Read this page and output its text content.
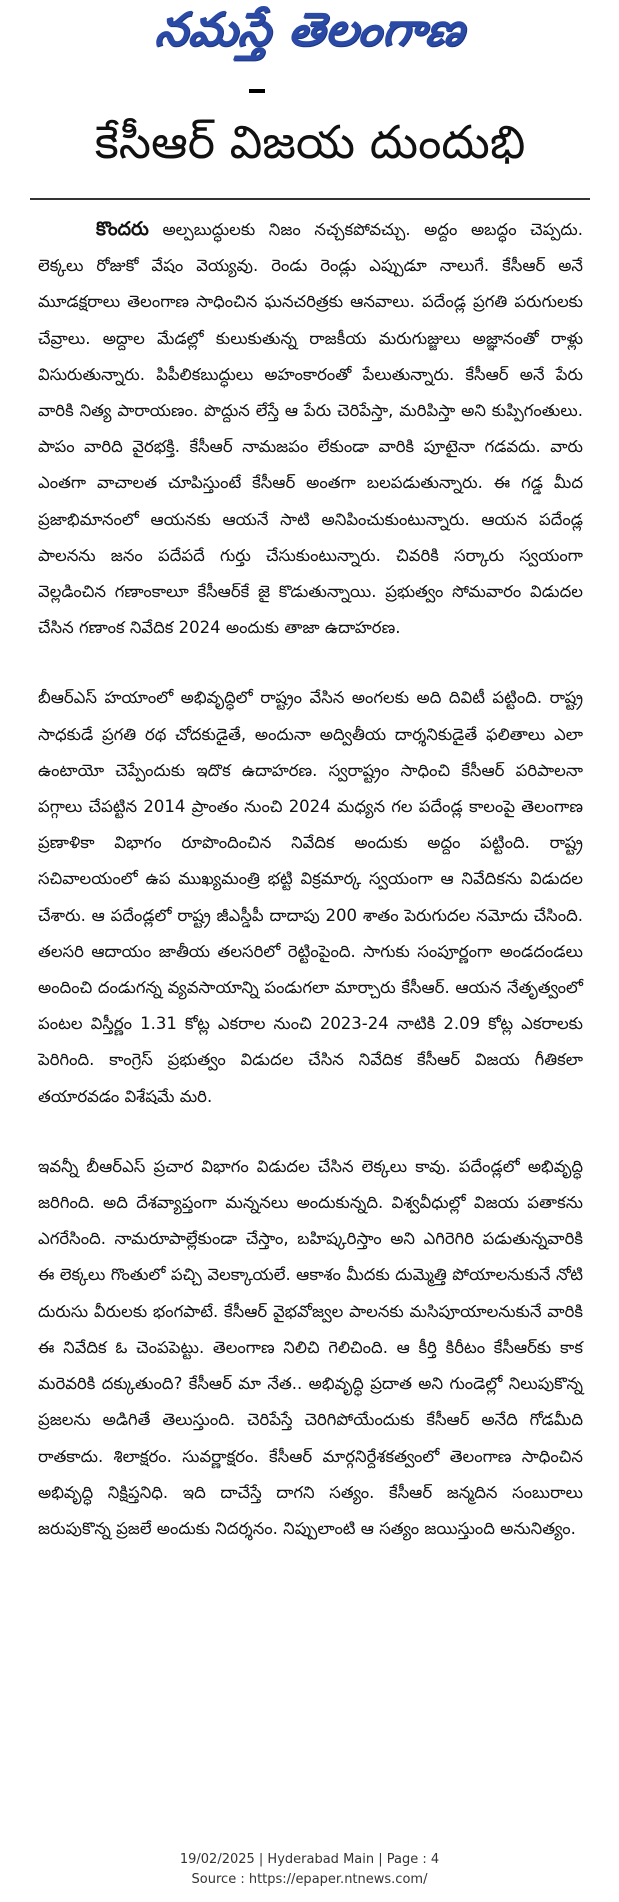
నమస్తే తెలంగాణ
కేసీఆర్ విజయ దుందుభి

కొందరు అల్పబుద్ధులకు నిజం నచ్చకపోవచ్చు. అద్దం అబద్ధం చెప్పదు. లెక్కలు రోజుకో వేషం వెయ్యవు. రెండు రెండ్లు ఎప్పుడూ నాలుగే. కేసీఆర్ అనే మూడక్షరాలు తెలంగాణ సాధించిన ఘనచరిత్రకు ఆనవాలు. పదేండ్ల ప్రగతి పరుగులకు చేవ్రాలు. అద్దాల మేడల్లో కులుకుతున్న రాజకీయ మరుగుజ్జులు అజ్ఞానంతో రాళ్లు విసురుతున్నారు. పిపీలికబుద్ధులు అహంకారంతో పేలుతున్నారు. కేసీఆర్ అనే పేరు వారికి నిత్య పారాయణం. పొద్దున లేస్తే ఆ పేరు చెరిపేస్తా, మరిపిస్తా అని కుప్పిగంతులు. పాపం వారిది వైరభక్తి. కేసీఆర్ నామజపం లేకుండా వారికి పూటైనా గడవదు. వారు ఎంతగా వాచాలత చూపిస్తుంటే కేసీఆర్ అంతగా బలపడుతున్నారు. ఈ గడ్డ మీద ప్రజాభిమానంలో ఆయనకు ఆయనే సాటి అనిపించుకుంటున్నారు. ఆయన పదేండ్ల పాలనను జనం పదేపదే గుర్తు చేసుకుంటున్నారు. చివరికి సర్కారు స్వయంగా వెల్లడించిన గణాంకాలూ కేసీఆర్‌కే జై కొడుతున్నాయి. ప్రభుత్వం సోమవారం విడుదల చేసిన గణాంక నివేదిక 2024 అందుకు తాజా ఉదాహరణ.

బీఆర్‌ఎస్ హయాంలో అభివృద్ధిలో రాష్ట్రం వేసిన అంగలకు అది దివిటీ పట్టింది. రాష్ట్ర సాధకుడే ప్రగతి రథ చోదకుడైతే, అందునా అద్వితీయ దార్శనికుడైతే ఫలితాలు ఎలా ఉంటాయో చెప్పేందుకు ఇదొక ఉదాహరణ. స్వరాష్ట్రం సాధించి కేసీఆర్ పరిపాలనా పగ్గాలు చేపట్టిన 2014 ప్రాంతం నుంచి 2024 మధ్యన గల పదేండ్ల కాలంపై తెలంగాణ ప్రణాళికా విభాగం రూపొందించిన నివేదిక అందుకు అద్దం పట్టింది. రాష్ట్ర సచివాలయంలో ఉప ముఖ్యమంత్రి భట్టి విక్రమార్క స్వయంగా ఆ నివేదికను విడుదల చేశారు. ఆ పదేండ్లలో రాష్ట్ర జీఎస్డీపీ దాదాపు 200 శాతం పెరుగుదల నమోదు చేసింది. తలసరి ఆదాయం జాతీయ తలసరిలో రెట్టింపైంది. సాగుకు సంపూర్ణంగా అండదండలు అందించి దండుగన్న వ్యవసాయాన్ని పండుగలా మార్చారు కేసీఆర్. ఆయన నేతృత్వంలో పంటల విస్తీర్ణం 1.31 కోట్ల ఎకరాల నుంచి 2023-24 నాటికి 2.09 కోట్ల ఎకరాలకు పెరిగింది. కాంగ్రెస్ ప్రభుత్వం విడుదల చేసిన నివేదిక కేసీఆర్ విజయ గీతికలా తయారవడం విశేషమే మరి.

ఇవన్నీ బీఆర్‌ఎస్ ప్రచార విభాగం విడుదల చేసిన లెక్కలు కావు. పదేండ్లలో అభివృద్ధి జరిగింది. అది దేశవ్యాప్తంగా మన్ననలు అందుకున్నది. విశ్వవీధుల్లో విజయ పతాకను ఎగరేసింది. నామరూపాల్లేకుండా చేస్తాం, బహిష్కరిస్తాం అని ఎగిరెగిరి పడుతున్నవారికి ఈ లెక్కలు గొంతులో పచ్చి వెలక్కాయలే. ఆకాశం మీదకు దుమ్మెత్తి పోయాలనుకునే నోటి దురుసు వీరులకు భంగపాటే. కేసీఆర్ వైభవోజ్వల పాలనకు మసిపూయాలనుకునే వారికి ఈ నివేదిక ఓ చెంపపెట్టు. తెలంగాణ నిలిచి గెలిచింది. ఆ కీర్తి కిరీటం కేసీఆర్‌కు కాక మరెవరికి దక్కుతుంది? కేసీఆర్ మా నేత.. అభివృద్ధి ప్రదాత అని గుండెల్లో నిలుపుకొన్న ప్రజలను అడిగితే తెలుస్తుంది. చెరిపేస్తే చెరిగిపోయేందుకు కేసీఆర్ అనేది గోడమీది రాతకాదు. శిలాక్షరం. సువర్ణాక్షరం. కేసీఆర్ మార్గనిర్దేశకత్వంలో తెలంగాణ సాధించిన అభివృద్ధి నిక్షిప్తనిధి. ఇది దాచేస్తే దాగని సత్యం. కేసీఆర్ జన్మదిన సంబురాలు జరుపుకొన్న ప్రజలే అందుకు నిదర్శనం. నిప్పులాంటి ఆ సత్యం జయిస్తుంది అనునిత్యం.

19/02/2025 | Hyderabad Main | Page : 4
Source : https://epaper.ntnews.com/
